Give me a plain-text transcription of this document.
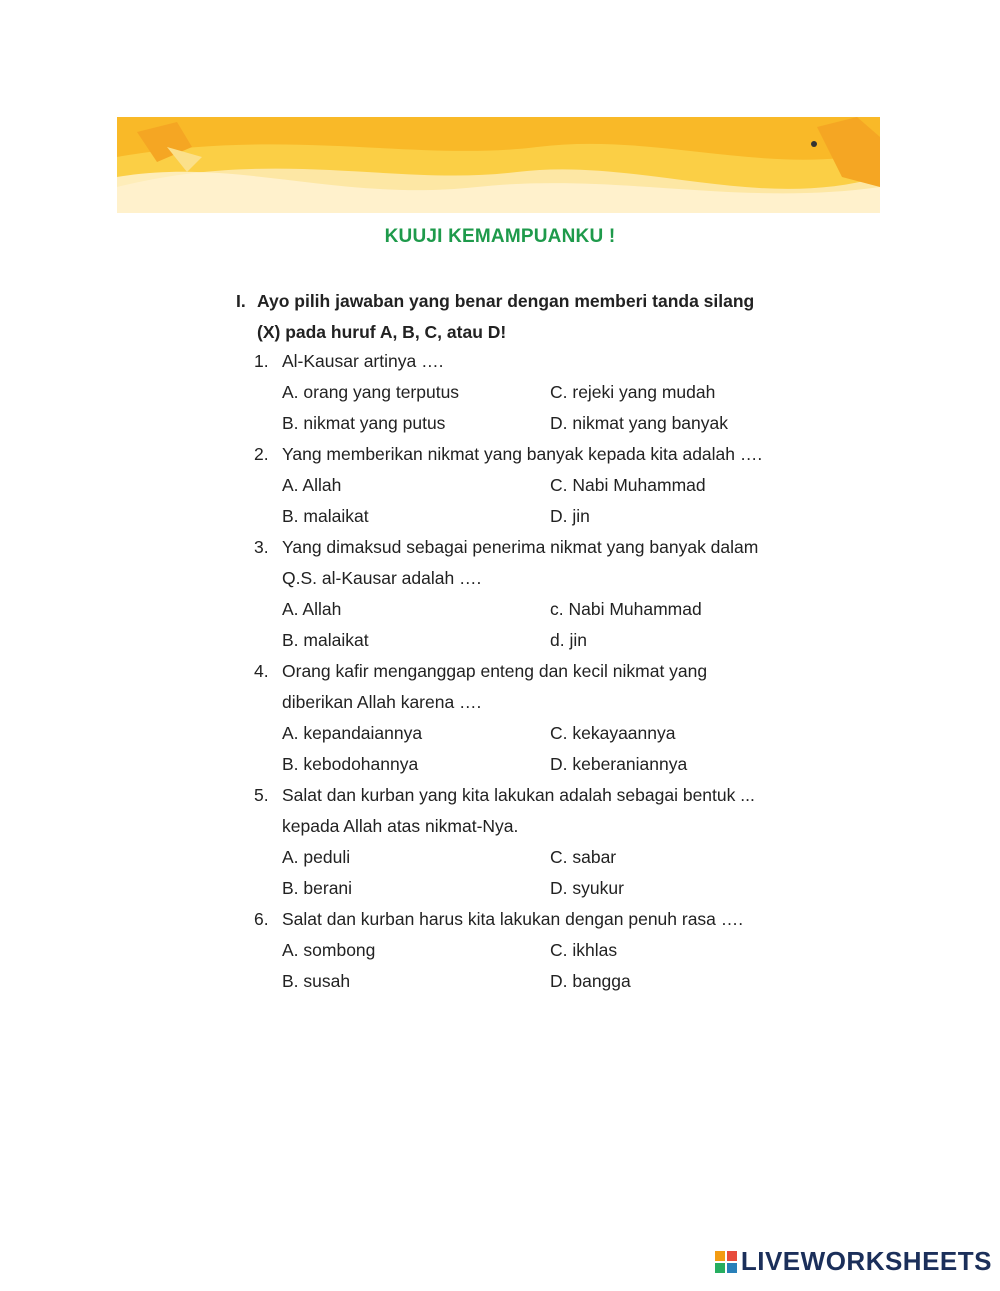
KUUJI KEMAMPUANKU !
I. Ayo pilih jawaban yang benar dengan memberi tanda silang (X) pada huruf A, B, C, atau D!
1. Al-Kausar artinya ….
A. orang yang terputus	C. rejeki yang mudah
B. nikmat yang putus	D. nikmat yang banyak
2. Yang memberikan nikmat yang banyak kepada kita adalah ….
A. Allah	C. Nabi Muhammad
B. malaikat	D. jin
3. Yang dimaksud sebagai penerima nikmat yang banyak dalam Q.S. al-Kausar adalah ….
A. Allah	c. Nabi Muhammad
B. malaikat	d. jin
4. Orang kafir menganggap enteng dan kecil nikmat yang diberikan Allah karena ….
A. kepandaiannya	C. kekayaannya
B. kebodohannya	D. keberaniannya
5. Salat dan kurban yang kita lakukan adalah sebagai bentuk ... kepada Allah atas nikmat-Nya.
A. peduli	C. sabar
B. berani	D. syukur
6. Salat dan kurban harus kita lakukan dengan penuh rasa ….
A. sombong	C. ikhlas
B. susah	D. bangga
LIVEWORKSHEETS
